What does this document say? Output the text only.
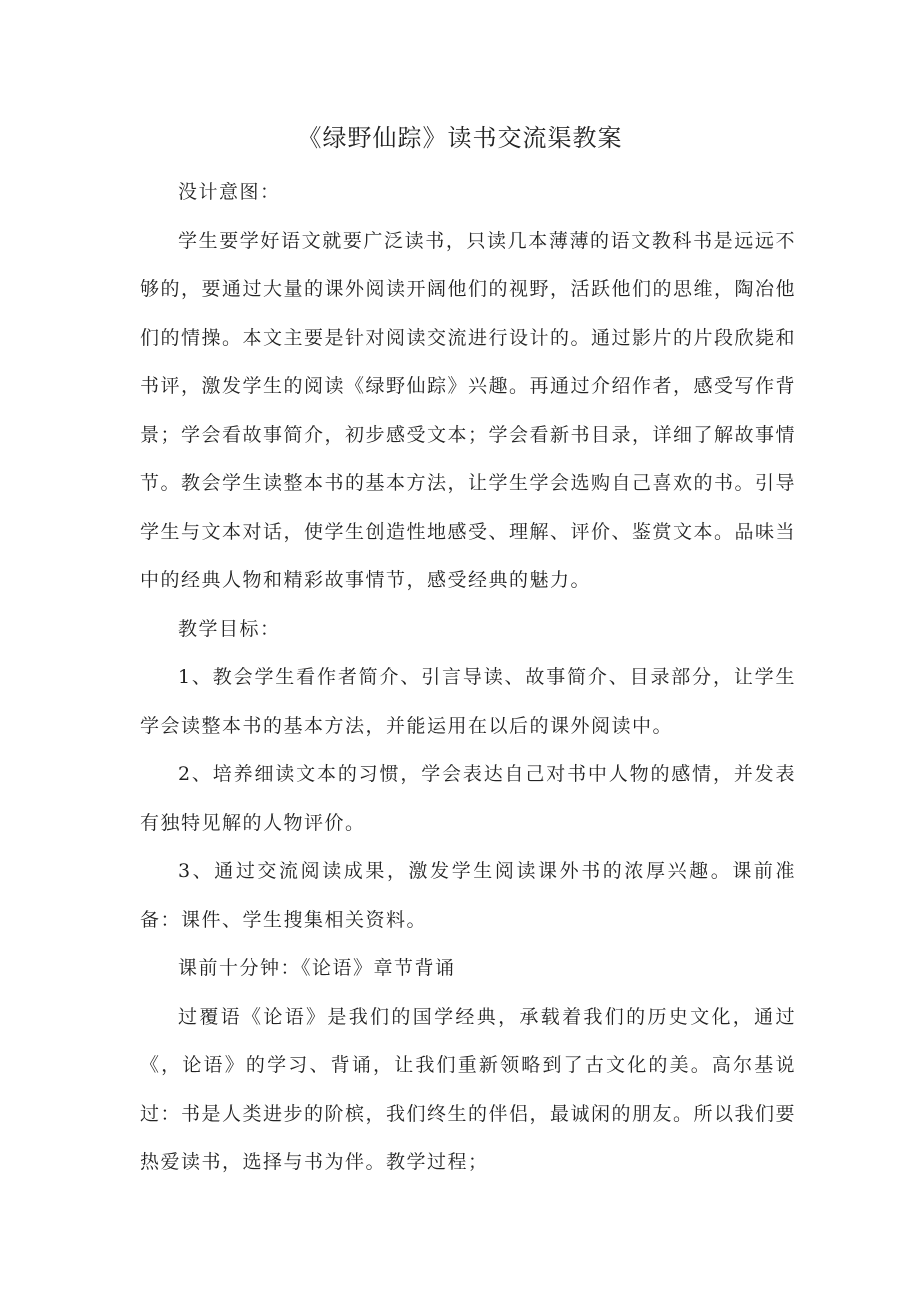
《绿野仙踪》读书交流渠教案

没计意图：

学生要学好语文就要广泛读书，只读几本薄薄的语文教科书是远远不够的，要通过大量的课外阅读开阔他们的视野，活跃他们的思维，陶冶他们的情操。本文主要是针对阅读交流进行设计的。通过影片的片段欣毙和书评，激发学生的阅读《绿野仙踪》兴趣。再通过介绍作者，感受写作背景；学会看故事简介，初步感受文本；学会看新书目录，详细了解故事情节。教会学生读整本书的基本方法，让学生学会选购自己喜欢的书。引导学生与文本对话，使学生创造性地感受、理解、评价、鉴赏文本。品味当中的经典人物和精彩故事情节，感受经典的魅力。

教学目标：

1、教会学生看作者简介、引言导读、故事简介、目录部分，让学生学会读整本书的基本方法，并能运用在以后的课外阅读中。

2、培养细读文本的习惯，学会表达自己对书中人物的感情，并发表有独特见解的人物评价。

3、通过交流阅读成果，激发学生阅读课外书的浓厚兴趣。课前准备：课件、学生搜集相关资料。

课前十分钟：《论语》章节背诵

过覆语《论语》是我们的国学经典，承载着我们的历史文化，通过《，论语》的学习、背诵，让我们重新领略到了古文化的美。高尔基说过：书是人类进步的阶槟，我们终生的伴侣，最诚闲的朋友。所以我们要热爱读书，选择与书为伴。教学过程；
